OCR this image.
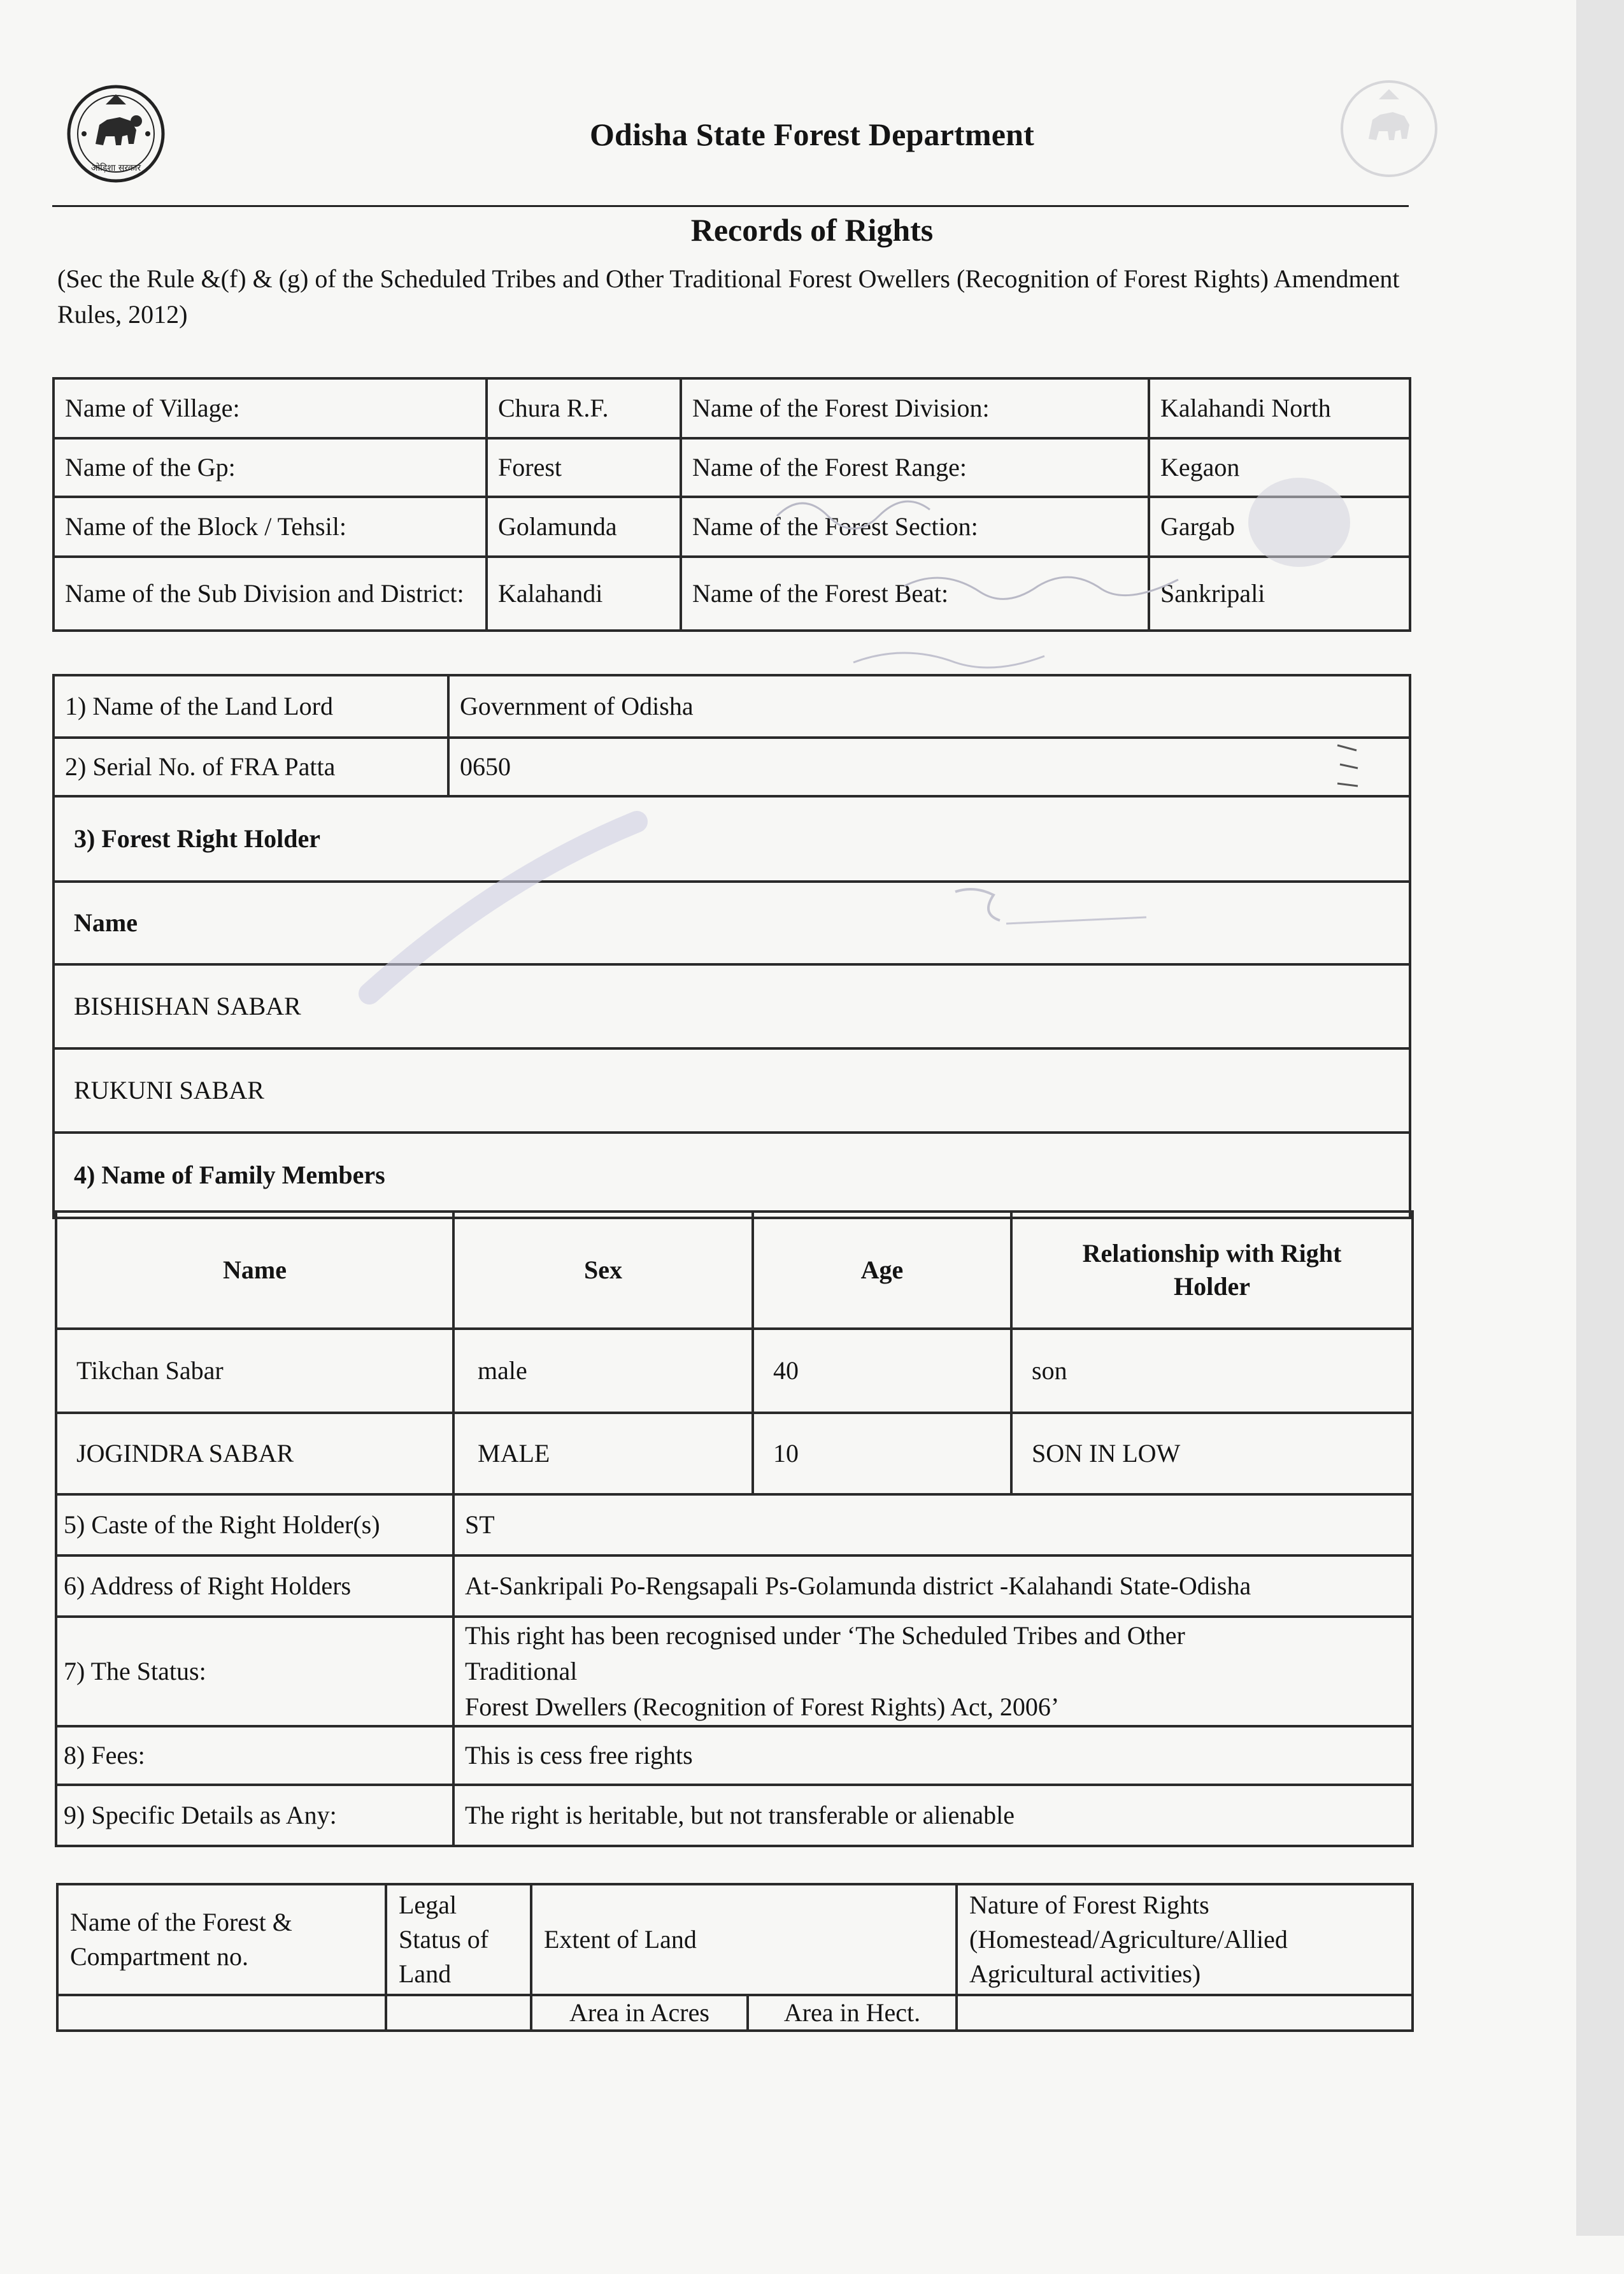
ओड़िशा सरकार
Odisha State Forest Department
Records of Rights
(Sec the Rule &(f) & (g) of the Scheduled Tribes and Other Traditional Forest Owellers (Recognition of Forest Rights) Amendment Rules, 2012)
Name of Village:	Chura R.F.	Name of the Forest Division:	Kalahandi North
Name of the Gp:	Forest	Name of the Forest Range:	Kegaon
Name of the Block / Tehsil:	Golamunda	Name of the Forest Section:	Gargab
Name of the Sub Division and District:	Kalahandi	Name of the Forest Beat:	Sankripali
1) Name of the Land Lord	Government of Odisha
2) Serial No. of FRA Patta	0650
3) Forest Right Holder	
Name	
BISHISHAN SABAR	
RUKUNI SABAR	
4) Name of Family Members	
Name	Sex	Age	Relationship with Right Holder
Tikchan Sabar	male	40	son
JOGINDRA SABAR	MALE	10	SON IN LOW
5) Caste of the Right Holder(s)	ST
6) Address of Right Holders	At-Sankripali Po-Rengsapali Ps-Golamunda district -Kalahandi State-Odisha
7) The Status:	This right has been recognised under ‘The Scheduled Tribes and Other
Traditional
Forest Dwellers (Recognition of Forest Rights) Act, 2006’

8) Fees:	This is cess free rights
9) Specific Details as Any:	The right is heritable, but not transferable or alienable
Name of the Forest & Compartment no.	Legal Status of Land	Extent of Land		Nature of Forest Rights (Homestead/Agriculture/Allied Agricultural activities)
		Area in Acres	Area in Hect.	
